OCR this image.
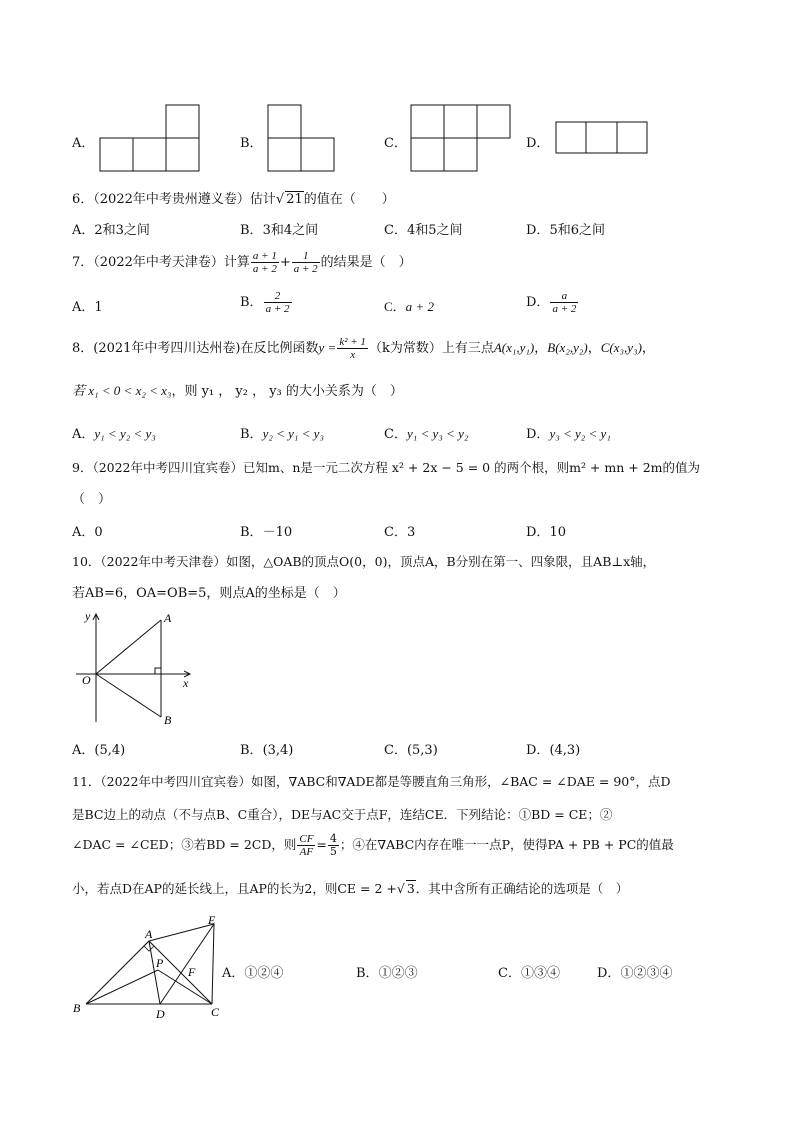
A．	B．	C．	D．
6．（2022年中考贵州遵义卷）估计√ 21的值在（　　）
A．2和3之间	B．3和4之间	C．4和5之间	D．5和6之间
7．（2022年中考天津卷）计算 $\frac{a + 1}{a + 2} + \frac{1}{a + 2}$ 的结果是（　）
A．1	B． $\frac{2}{a + 2}$	C．a + 2	D． $\frac{a}{a + 2}$
8．(2021年中考四川达州卷)在反比例函数$y = \frac{\text{k² + 1}}{x} (k$为常数）上有三点A(x₁,y₁)，B(x₂,y₂)，C(x₃,y₃)，
若 x₁ < 0 < x₂ < x₃，则 y₁ ， y₂ ， y₃ 的大小关系为（　）
A．y₁ < y₂ < y₃	B．y₂ < y₁ < y₃	C．y₁ < y₃ < y₂	D．y₃ < y₂ < y₁
9．（2022年中考四川宜宾卷）已知m、n是一元二次方程 x² + 2x − 5 = 0 的两个根，则m² + mn + 2m的值为
（　）
A．0	B．－10	C．3	D．10
10．（2022年中考天津卷）如图，△OAB的顶点O(0，0)，顶点A，B分别在第一、四象限，且AB⊥x轴，
若AB=6，OA=OB=5，则点A的坐标是（　）
y
x
O
A
B
A．(5,4)	B．(3,4)	C．(5,3)	D．(4,3)
11．（2022年中考四川宜宾卷）如图，∇ABC和∇ADE都是等腰直角三角形，∠BAC = ∠DAE = 90°，点D
是BC边上的动点（不与点B、C重合），DE与AC交于点F，连结CE．下列结论：①BD = CE；②
∠DAC = ∠CED；③若BD = 2CD，则 $\frac{CF}{AF} = \frac{4}{5}$ ；④在∇ABC内存在唯一一点P，使得PA + PB + PC的值最
小，若点D在AP的延长线上，且AP的长为2，则CE = 2 +√ 3．其中含所有正确结论的选项是（　）
A
B	C
D
E
F
P
A．①②④	B．①②③	C．①③④	D．①②③④
